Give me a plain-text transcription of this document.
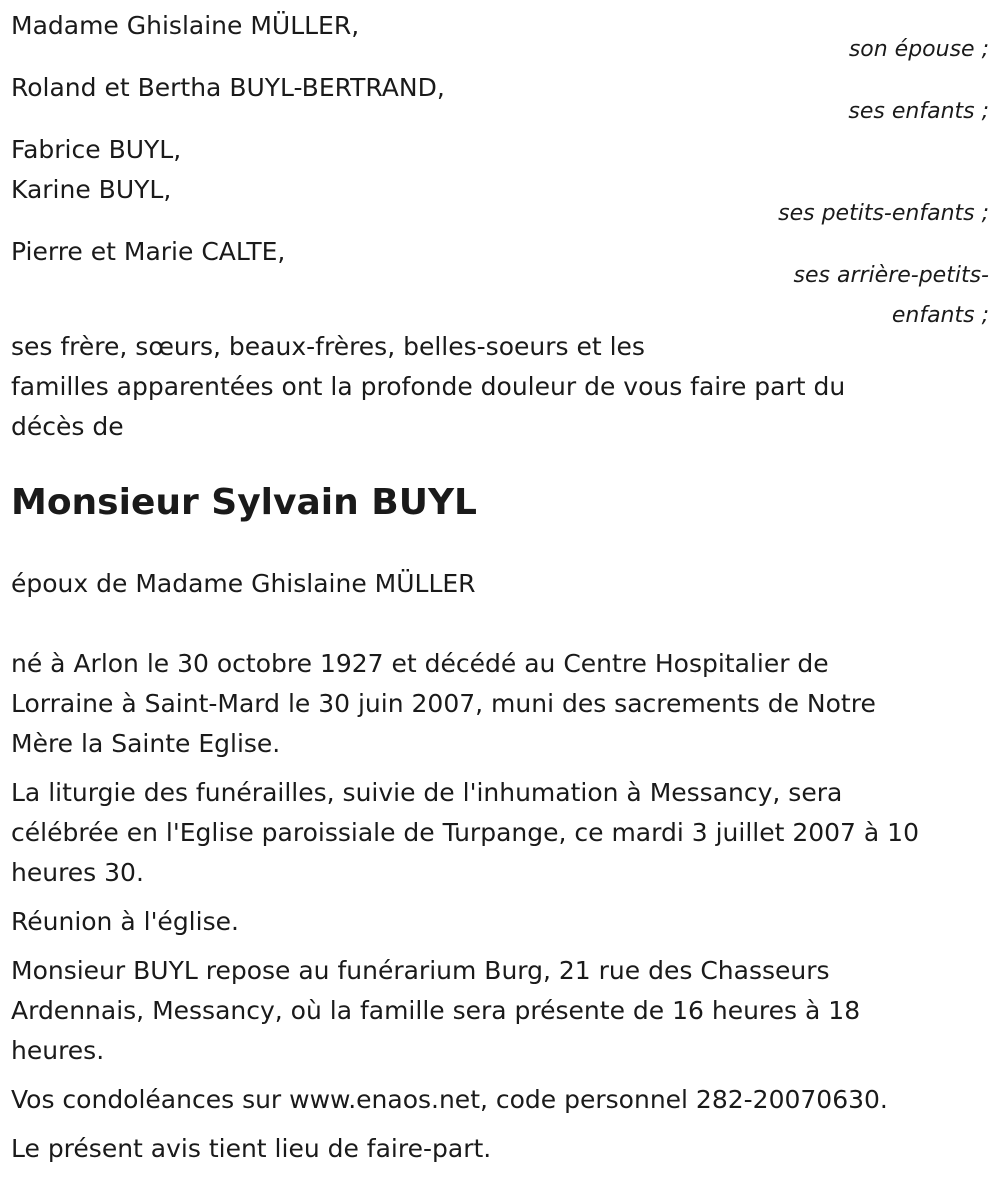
Madame Ghislaine MÜLLER,

son épouse ;

Roland et Bertha BUYL-BERTRAND,

ses enfants ;

Fabrice BUYL,

Karine BUYL,

ses petits-enfants ;

Pierre et Marie CALTE,

ses arrière-petits-
enfants ;

ses frère, sœurs, beaux-frères, belles-soeurs et les

familles apparentées ont la profonde douleur de vous faire part du

décès de

Monsieur Sylvain BUYL

époux de Madame Ghislaine MÜLLER

né à Arlon le 30 octobre 1927 et décédé au Centre Hospitalier de

Lorraine à Saint-Mard le 30 juin 2007, muni des sacrements de Notre

Mère la Sainte Eglise.

La liturgie des funérailles, suivie de l'inhumation à Messancy, sera

célébrée en l'Eglise paroissiale de Turpange, ce mardi 3 juillet 2007 à 10

heures 30.

Réunion à l'église.

Monsieur BUYL repose au funérarium Burg, 21 rue des Chasseurs

Ardennais, Messancy, où la famille sera présente de 16 heures à 18

heures.

Vos condoléances sur www.enaos.net, code personnel 282-20070630.

Le présent avis tient lieu de faire-part.
